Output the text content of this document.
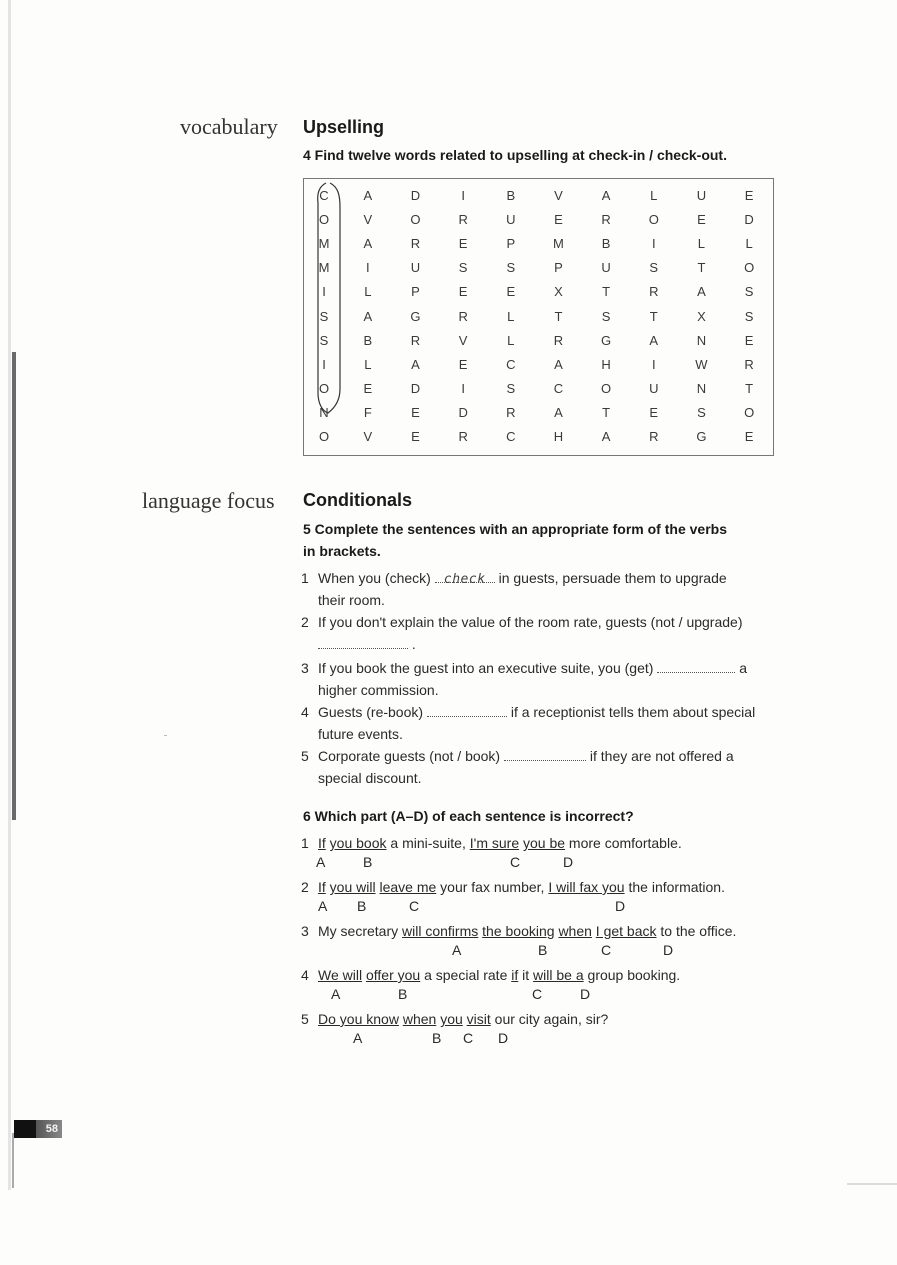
vocabulary Upselling
4 Find twelve words related to upselling at check-in / check-out.
C	A	D	I	B	V	A	L	U	E
O	V	O	R	U	E	R	O	E	D
M	A	R	E	P	M	B	I	L	L
M	I	U	S	S	P	U	S	T	O
I	L	P	E	E	X	T	R	A	S
S	A	G	R	L	T	S	T	X	S
S	B	R	V	L	R	G	A	N	E
I	L	A	E	C	A	H	I	W	R
O	E	D	I	S	C	O	U	N	T
N	F	E	D	R	A	T	E	S	O
O	V	E	R	C	H	A	R	G	E
language focus Conditionals
5 Complete the sentences with an appropriate form of the verbs
in brackets.
1 When you (check) check in guests, persuade them to upgrade
their room.
2 If you don't explain the value of the room rate, guests (not / upgrade)
.
3 If you book the guest into an executive suite, you (get)	a
higher commission.
4 Guests (re-book)	if a receptionist tells them about special
future events.
5 Corporate guests (not / book)	if they are not offered a
special discount.
6 Which part (A–D) of each sentence is incorrect?
1 If you book a mini-suite, I'm sure you be more comfortable.
A	B	C	D
2 If you will leave me your fax number, I will fax you the information.
A B	C	D
3 My secretary will confirms the booking when I get back to the office.
A	B	C	D
4 We will offer you a special rate if it will be a group booking.
A	B	C	D
5 Do you know when you visit our city again, sir?
A	B C D
58
